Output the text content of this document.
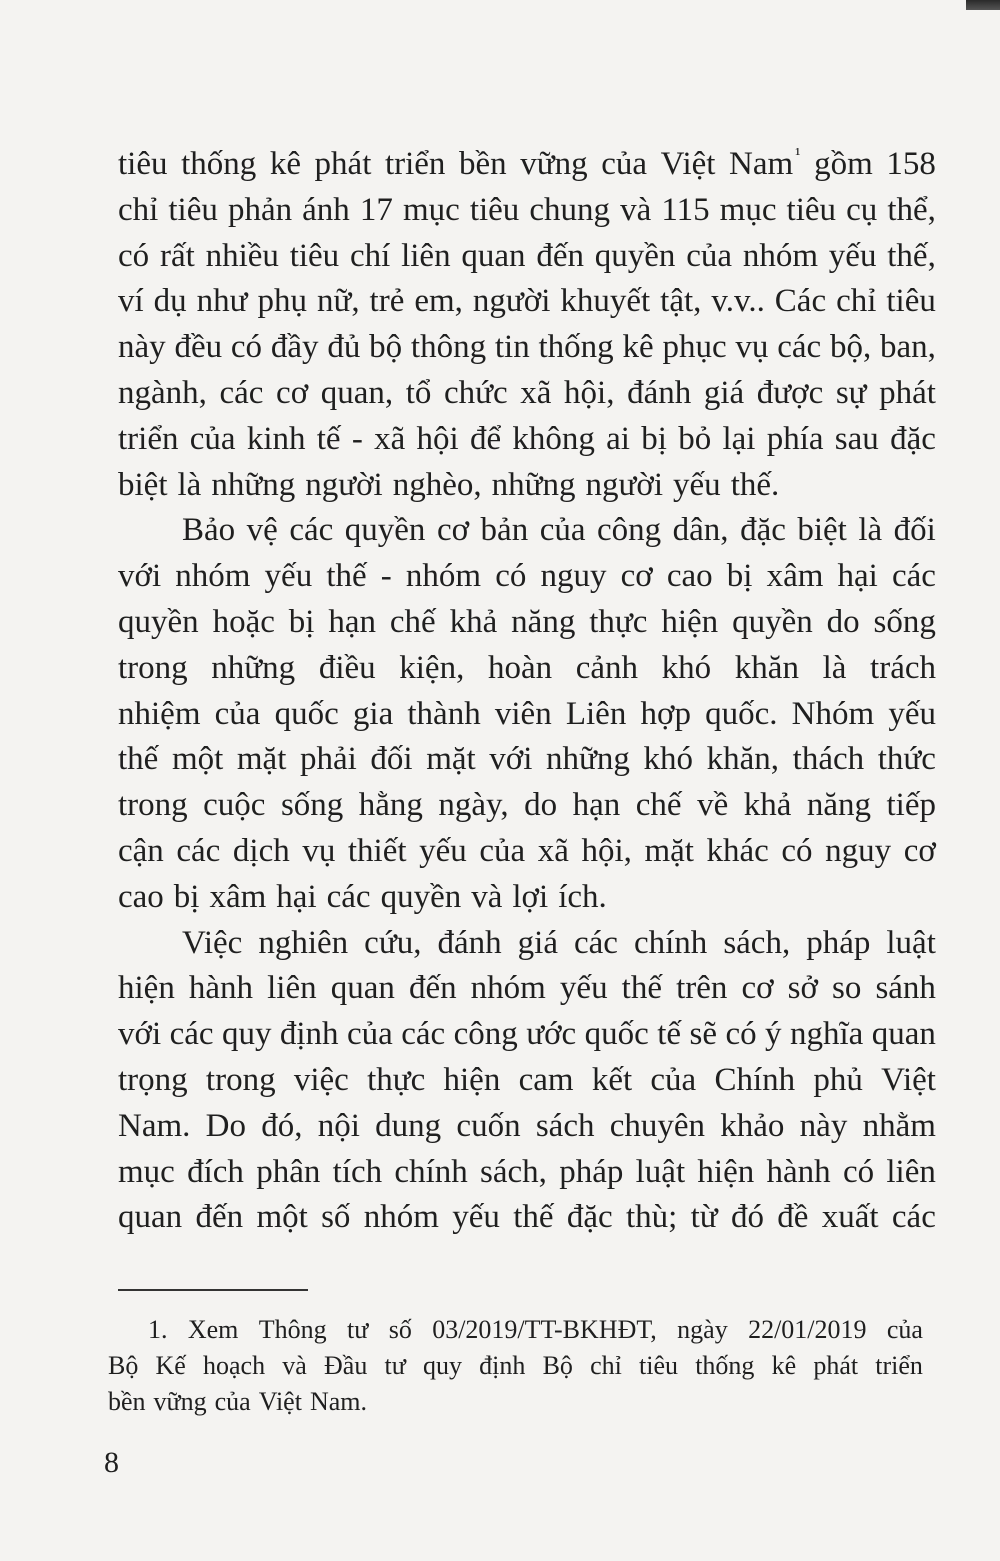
tiêu thống kê phát triển bền vững của Việt Nam ¹ gồm 158
chỉ tiêu phản ánh 17 mục tiêu chung và 115 mục tiêu cụ thể,
có rất nhiều tiêu chí liên quan đến quyền của nhóm yếu thế,
ví dụ như phụ nữ, trẻ em, người khuyết tật, v.v.. Các chỉ tiêu
này đều có đầy đủ bộ thông tin thống kê phục vụ các bộ, ban,
ngành, các cơ quan, tổ chức xã hội, đánh giá được sự phát
triển của kinh tế - xã hội để không ai bị bỏ lại phía sau đặc
biệt là những người nghèo, những người yếu thế.
Bảo vệ các quyền cơ bản của công dân, đặc biệt là đối
với nhóm yếu thế - nhóm có nguy cơ cao bị xâm hại các
quyền hoặc bị hạn chế khả năng thực hiện quyền do sống
trong những điều kiện, hoàn cảnh khó khăn là trách
nhiệm của quốc gia thành viên Liên hợp quốc. Nhóm yếu
thế một mặt phải đối mặt với những khó khăn, thách thức
trong cuộc sống hằng ngày, do hạn chế về khả năng tiếp
cận các dịch vụ thiết yếu của xã hội, mặt khác có nguy cơ
cao bị xâm hại các quyền và lợi ích.
Việc nghiên cứu, đánh giá các chính sách, pháp luật
hiện hành liên quan đến nhóm yếu thế trên cơ sở so sánh
với các quy định của các công ước quốc tế sẽ có ý nghĩa quan
trọng trong việc thực hiện cam kết của Chính phủ Việt
Nam. Do đó, nội dung cuốn sách chuyên khảo này nhằm
mục đích phân tích chính sách, pháp luật hiện hành có liên
quan đến một số nhóm yếu thế đặc thù; từ đó đề xuất các
1. Xem Thông tư số 03/2019/TT-BKHĐT, ngày 22/01/2019 của
Bộ Kế hoạch và Đầu tư quy định Bộ chỉ tiêu thống kê phát triển
bền vững của Việt Nam.
8
